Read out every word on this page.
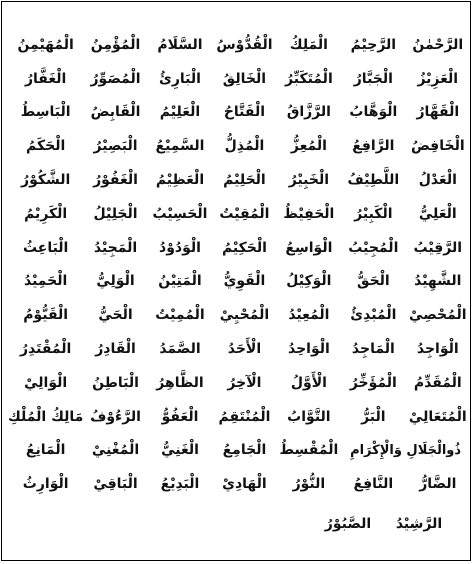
الرَّحْمٰنُ
الرَّحِيْمُ
الْمَلِكُ
الْقُدُّوْسُ
السَّلَامُ
الْمُؤْمِنُ
الْمُهَيْمِنُ
الْعَزِيْزُ
الْجَبَّارُ
الْمُتَكَبِّرُ
الْخَالِقُ
الْبَارِئُ
الْمُصَوِّرُ
الْغَفَّارُ
الْقَهَّارُ
الْوَهَّابُ
الرَّزَّاقُ
الْفَتَّاحُ
الْعَلِيْمُ
الْقَابِضُ
الْبَاسِطُ
الْخَافِضُ
الرَّافِعُ
الْمُعِزُّ
الْمُذِلُّ
السَّمِيْعُ
الْبَصِيْرُ
الْحَكَمُ
الْعَدْلُ
اللَّطِيْفُ
الْخَبِيْرُ
الْحَلِيْمُ
الْعَظِيْمُ
الْغَفُوْرُ
الشَّكُوْرُ
الْعَلِيُّ
الْكَبِيْرُ
الْحَفِيْظُ
الْمُقِيْتُ
الْحَسِيْبُ
الْجَلِيْلُ
الْكَرِيْمُ
الرَّقِيْبُ
الْمُجِيْبُ
الْوَاسِعُ
الْحَكِيْمُ
الْوَدُوْدُ
الْمَجِيْدُ
الْبَاعِثُ
الشَّهِيْدُ
الْحَقُّ
الْوَكِيْلُ
الْقَوِيُّ
الْمَتِيْنُ
الْوَلِيُّ
الْحَمِيْدُ
الْمُحْصِيْ
الْمُبْدِئُ
الْمُعِيْدُ
الْمُحْيِيْ
الْمُمِيْتُ
الْحَيُّ
الْقَيُّوْمُ
الْوَاجِدُ
الْمَاجِدُ
الْوَاحِدُ
الْأَحَدُ
الصَّمَدُ
الْقَادِرُ
الْمُقْتَدِرُ
الْمُقَدِّمُ
الْمُؤَخِّرُ
الْأَوَّلُ
الْآخِرُ
الظَّاهِرُ
الْبَاطِنُ
الْوَالِيْ
الْمُتَعَالِيْ
الْبَرُّ
التَّوَّابُ
الْمُنْتَقِمُ
الْعَفُوُّ
الرَّءُوْفُ
مَالِكُ الْمُلْكِ
ذُوالْجَلَالِ وَالْإِكْرَامِ
الْمُقْسِطُ
الْجَامِعُ
الْغَنِيُّ
الْمُغْنِيْ
الْمَانِعُ
الضَّارُّ
النَّافِعُ
النُّوْرُ
الْهَادِيْ
الْبَدِيْعُ
الْبَاقِيْ
الْوَارِثُ
الرَّشِيْدُ
الصَّبُوْرُ
